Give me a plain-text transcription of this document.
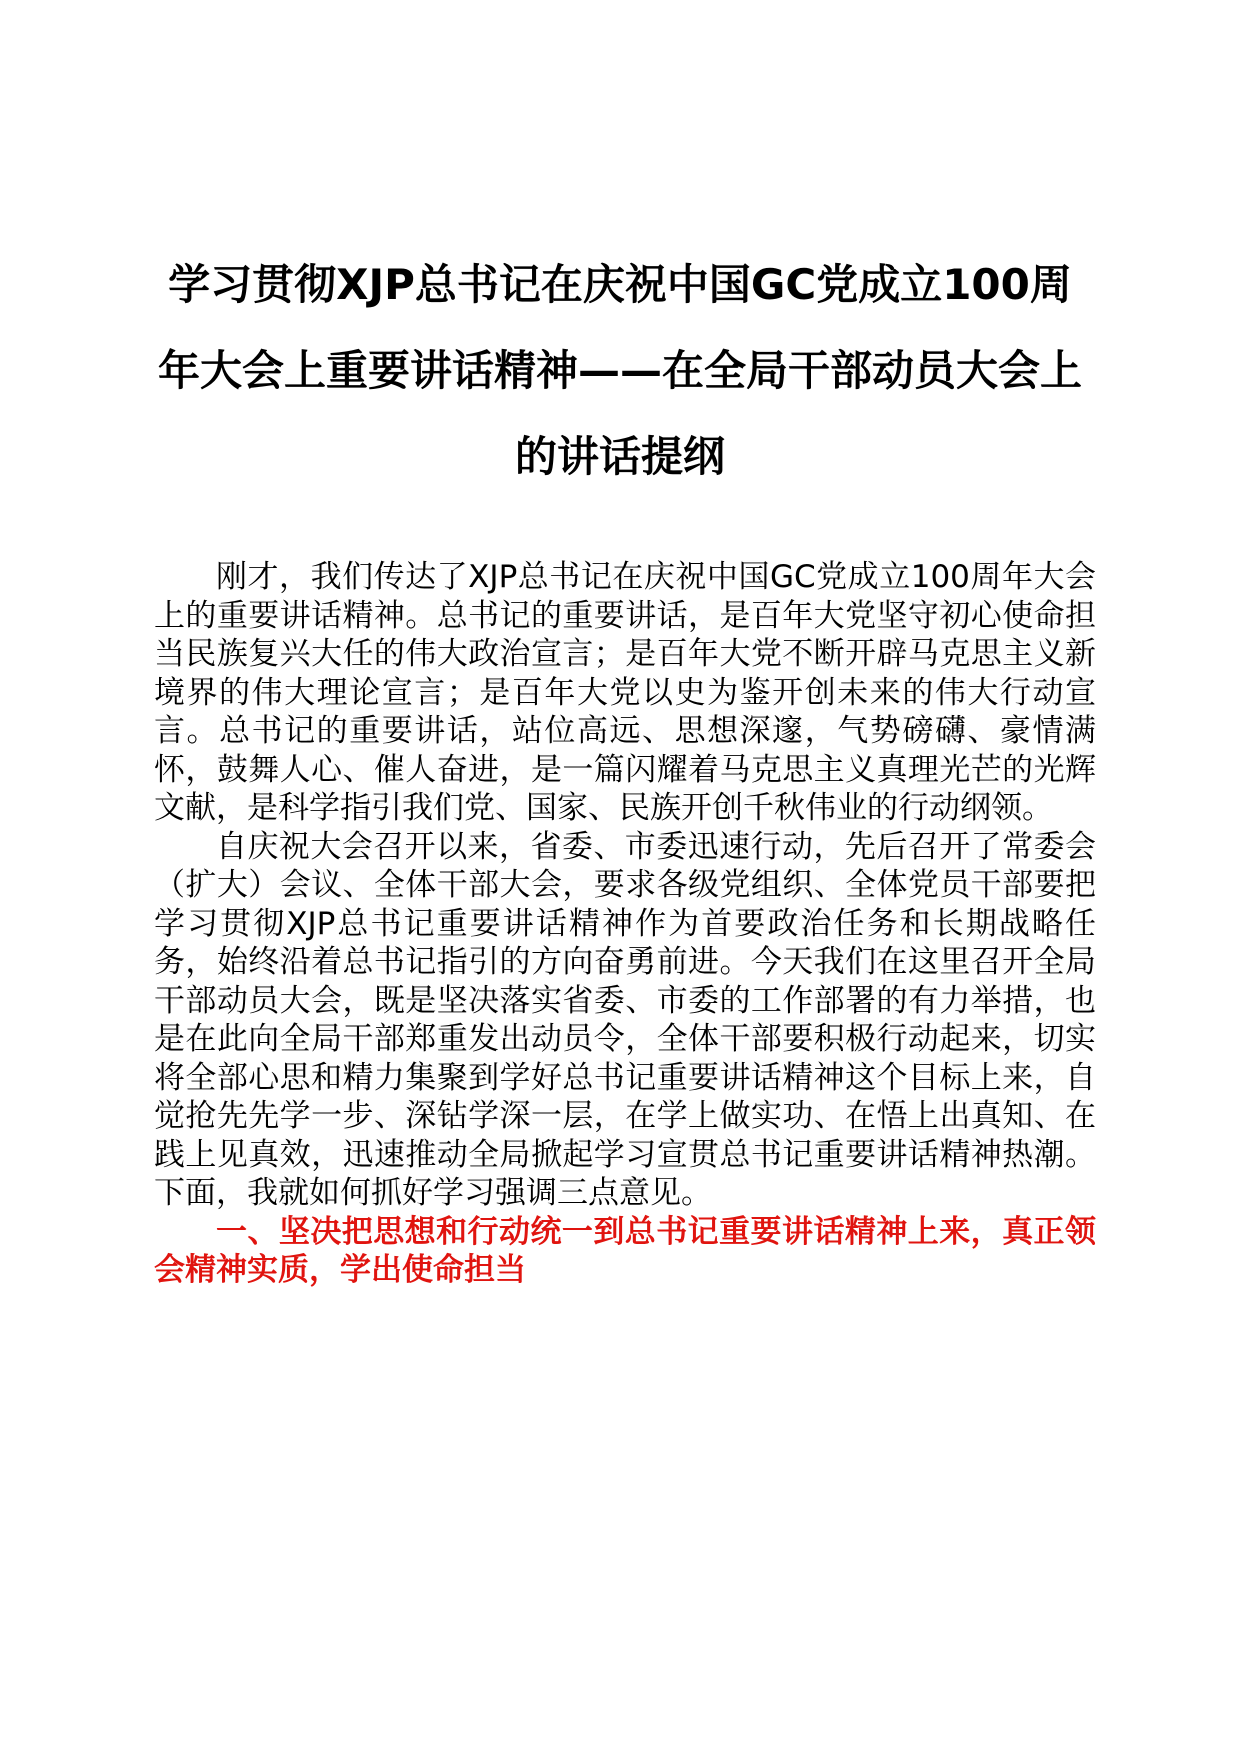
学习贯彻XJP总书记在庆祝中国GC党成立100周年大会上重要讲话精神——在全局干部动员大会上的讲话提纲

刚才，我们传达了XJP总书记在庆祝中国GC党成立100周年大会上的重要讲话精神。总书记的重要讲话，是百年大党坚守初心使命担当民族复兴大任的伟大政治宣言；是百年大党不断开辟马克思主义新境界的伟大理论宣言；是百年大党以史为鉴开创未来的伟大行动宣言。总书记的重要讲话，站位高远、思想深邃，气势磅礴、豪情满怀，鼓舞人心、催人奋进，是一篇闪耀着马克思主义真理光芒的光辉文献，是科学指引我们党、国家、民族开创千秋伟业的行动纲领。

自庆祝大会召开以来，省委、市委迅速行动，先后召开了常委会（扩大）会议、全体干部大会，要求各级党组织、全体党员干部要把学习贯彻XJP总书记重要讲话精神作为首要政治任务和长期战略任务，始终沿着总书记指引的方向奋勇前进。今天我们在这里召开全局干部动员大会，既是坚决落实省委、市委的工作部署的有力举措，也是在此向全局干部郑重发出动员令，全体干部要积极行动起来，切实将全部心思和精力集聚到学好总书记重要讲话精神这个目标上来，自觉抢先先学一步、深钻学深一层，在学上做实功、在悟上出真知、在践上见真效，迅速推动全局掀起学习宣贯总书记重要讲话精神热潮。下面，我就如何抓好学习强调三点意见。

一、坚决把思想和行动统一到总书记重要讲话精神上来，真正领会精神实质，学出使命担当
